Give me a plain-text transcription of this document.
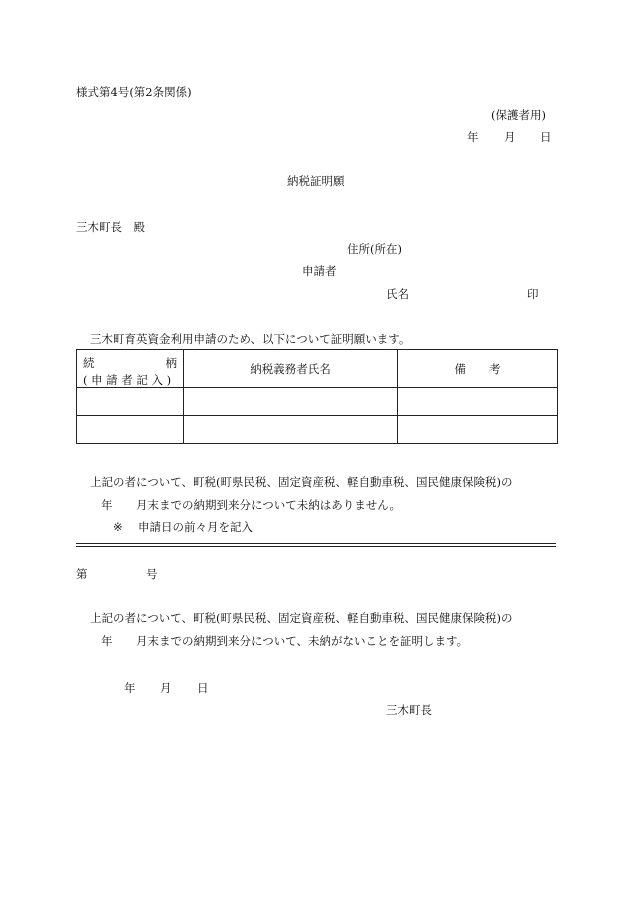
様式第4号(第2条関係)
(保護者用)
年 月 日
納税証明願
三木町長　殿
住所(所在)
申請者
氏名	印
三木町育英資金利用申請のため、以下について証明願います。
続 柄
(申請者記入)	納税義務者氏名	備　　考

上記の者について、町税(町県民税、固定資産税、軽自動車税、国民健康保険税)の
年 月末までの納期到来分について未納はありません。
※ 申請日の前々月を記入
第	号
上記の者について、町税(町県民税、固定資産税、軽自動車税、国民健康保険税)の
年 月末までの納期到来分について、未納がないことを証明します。
年 月 日
三木町長
